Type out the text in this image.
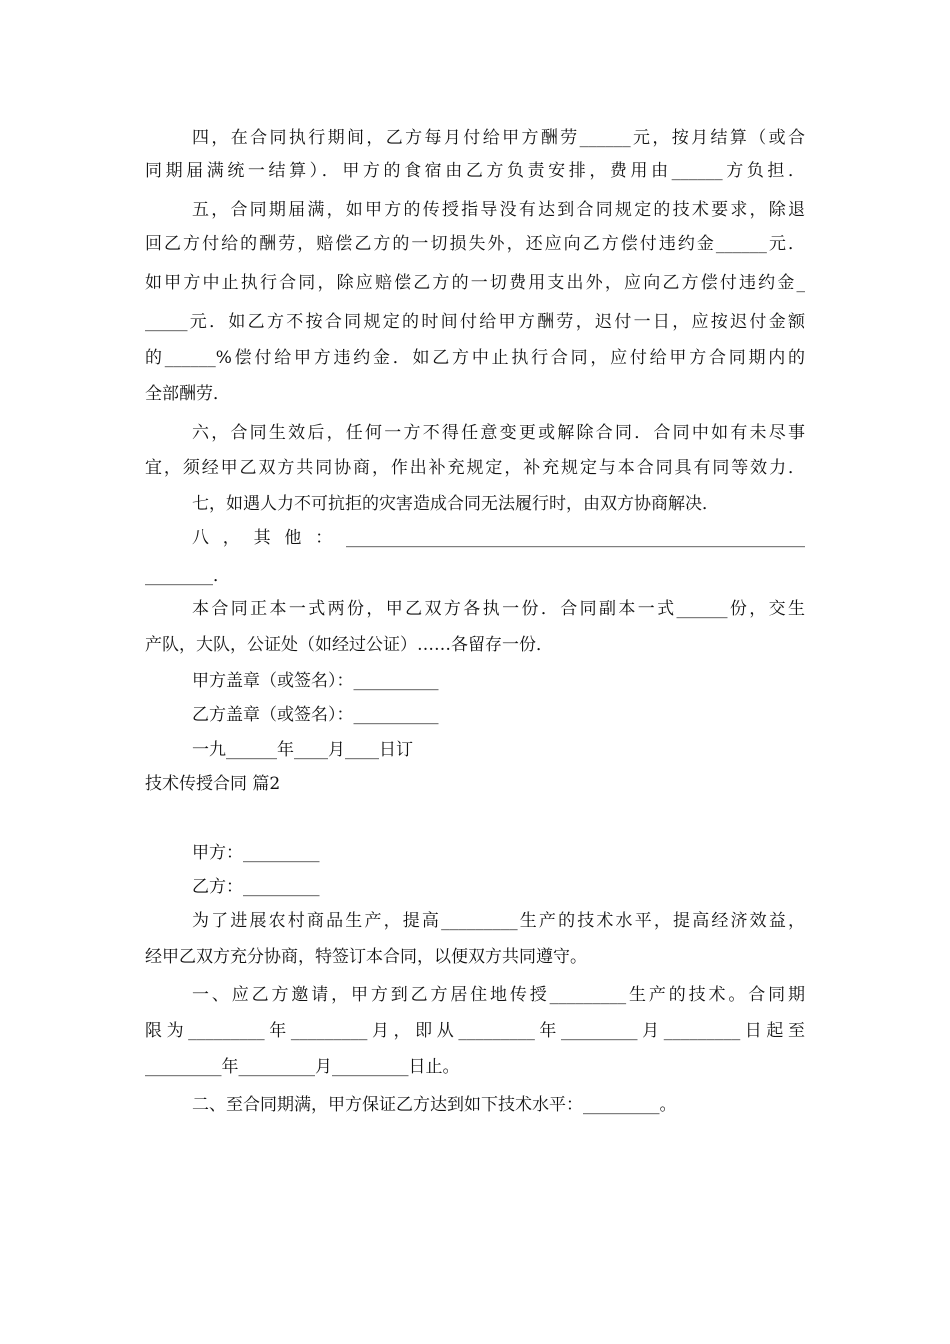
四，在合同执行期间，乙方每月付给甲方酬劳______元，按月结算（或合
同期届满统一结算）．甲方的食宿由乙方负责安排，费用由______方负担．
五，合同期届满，如甲方的传授指导没有达到合同规定的技术要求，除退
回乙方付给的酬劳，赔偿乙方的一切损失外，还应向乙方偿付违约金______元．
如甲方中止执行合同，除应赔偿乙方的一切费用支出外，应向乙方偿付违约金_
_____元．如乙方不按合同规定的时间付给甲方酬劳，迟付一日，应按迟付金额
的______%偿付给甲方违约金．如乙方中止执行合同，应付给甲方合同期内的
全部酬劳．
六，合同生效后，任何一方不得任意变更或解除合同．合同中如有未尽事
宜，须经甲乙双方共同协商，作出补充规定，补充规定与本合同具有同等效力．
七，如遇人力不可抗拒的灾害造成合同无法履行时，由双方协商解决．
八，其他：______________________________________________________
________．
本合同正本一式两份，甲乙双方各执一份．合同副本一式______份，交生
产队，大队，公证处（如经过公证）……各留存一份．
甲方盖章（或签名）：__________
乙方盖章（或签名）：__________
一九______年____月____日订
技术传授合同 篇2
甲方：_________
乙方：_________
为了进展农村商品生产，提高_________生产的技术水平，提高经济效益，
经甲乙双方充分协商，特签订本合同，以便双方共同遵守。
一、应乙方邀请，甲方到乙方居住地传授_________生产的技术。合同期
限为_________年_________月，即从_________年_________月_________日起至
_________年_________月_________日止。
二、至合同期满，甲方保证乙方达到如下技术水平：_________。
